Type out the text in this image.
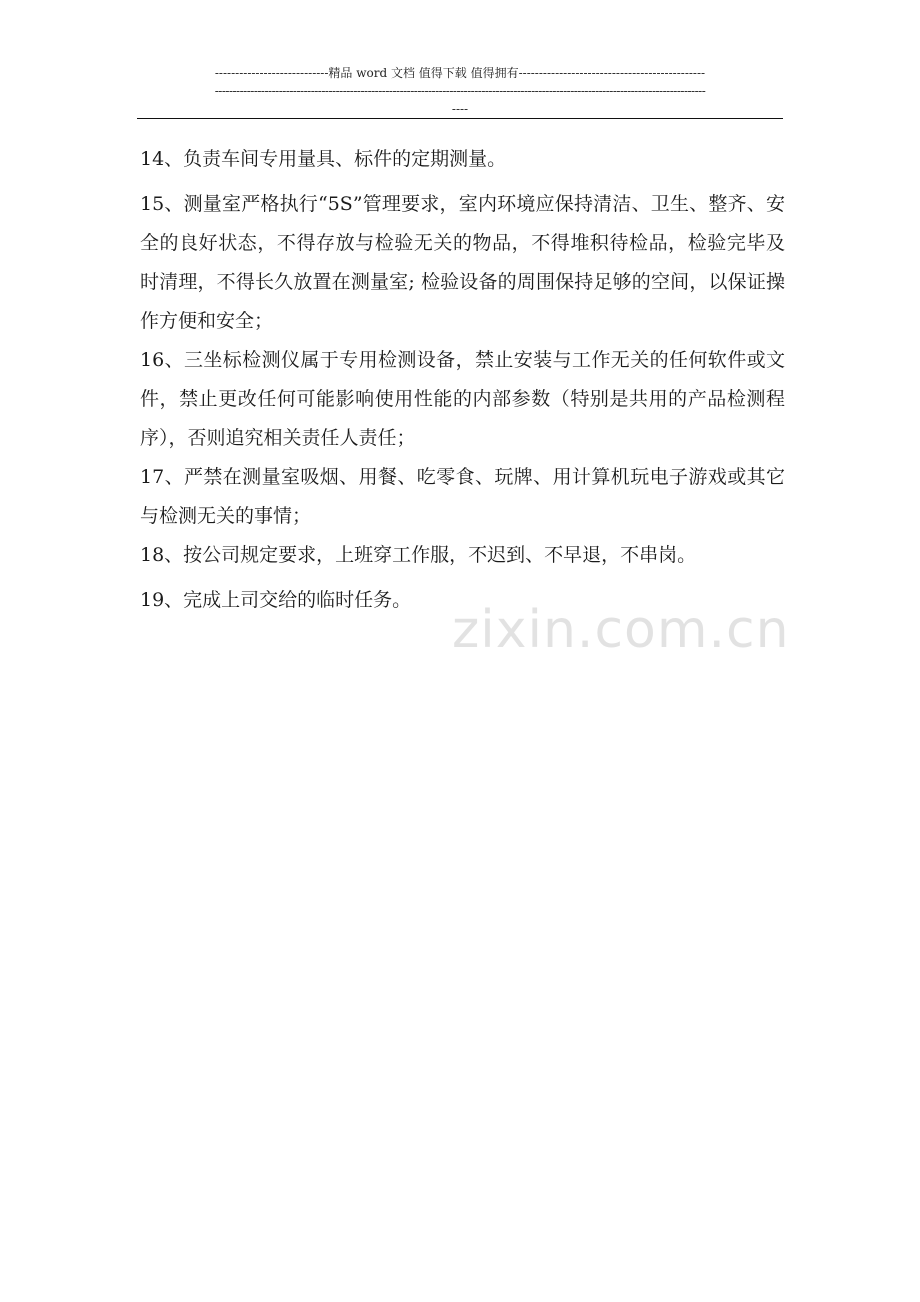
----------------------------精品 word 文档 值得下载 值得拥有----------------------------------------------
------------------------------------------------------------------------------------------------------------------------------------------
----

14、负责车间专用量具、标件的定期测量。

15、测量室严格执行“5S”管理要求，室内环境应保持清洁、卫生、整齐、安全的良好状态，不得存放与检验无关的物品，不得堆积待检品，检验完毕及时清理，不得长久放置在测量室; 检验设备的周围保持足够的空间，以保证操作方便和安全；

16、三坐标检测仪属于专用检测设备，禁止安装与工作无关的任何软件或文件，禁止更改任何可能影响使用性能的内部参数（特别是共用的产品检测程序），否则追究相关责任人责任；

17、严禁在测量室吸烟、用餐、吃零食、玩牌、用计算机玩电子游戏或其它与检测无关的事情；

18、按公司规定要求，上班穿工作服，不迟到、不早退，不串岗。

19、完成上司交给的临时任务。 zixin.com.cn
